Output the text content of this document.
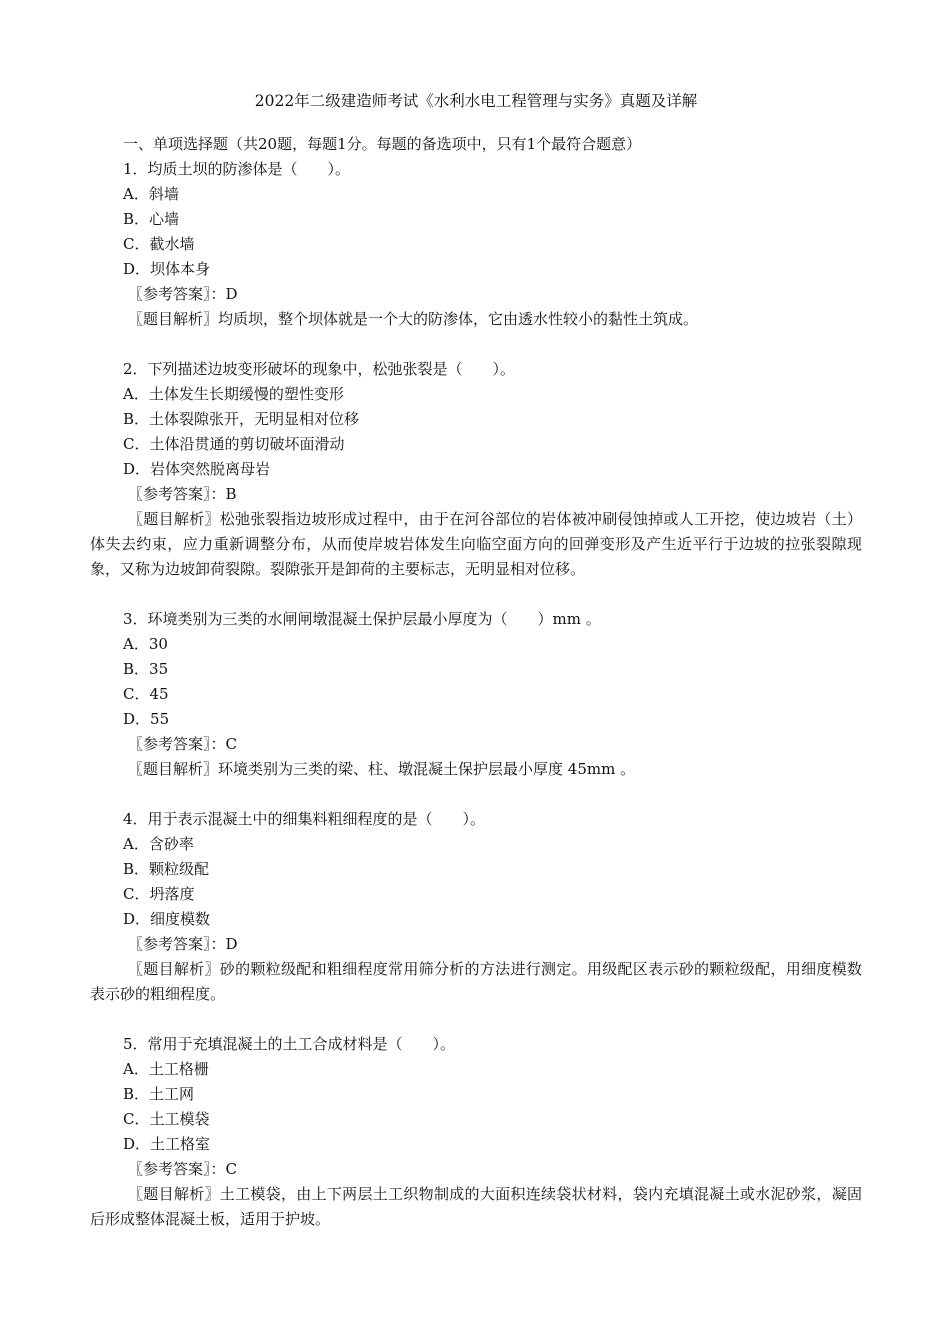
2022年二级建造师考试《水利水电工程管理与实务》真题及详解

一、单项选择题（共20题，每题1分。每题的备选项中，只有1个最符合题意）

1．均质土坝的防渗体是（　　）。

A．斜墙

B．心墙

C．截水墙

D．坝体本身

〖参考答案〗：D

〖题目解析〗均质坝，整个坝体就是一个大的防渗体，它由透水性较小的黏性土筑成。

2．下列描述边坡变形破坏的现象中，松弛张裂是（　　）。

A．土体发生长期缓慢的塑性变形

B．土体裂隙张开，无明显相对位移

C．土体沿贯通的剪切破坏面滑动

D．岩体突然脱离母岩

〖参考答案〗：B

〖题目解析〗松弛张裂指边坡形成过程中，由于在河谷部位的岩体被冲刷侵蚀掉或人工开挖，使边坡岩（土）体失去约束，应力重新调整分布，从而使岸坡岩体发生向临空面方向的回弹变形及产生近平行于边坡的拉张裂隙现象，又称为边坡卸荷裂隙。裂隙张开是卸荷的主要标志，无明显相对位移。

3．环境类别为三类的水闸闸墩混凝土保护层最小厚度为（　　）mm 。

A．30

B．35

C．45

D．55

〖参考答案〗：C

〖题目解析〗环境类别为三类的梁、柱、墩混凝土保护层最小厚度 45mm 。

4．用于表示混凝土中的细集料粗细程度的是（　　）。

A．含砂率

B．颗粒级配

C．坍落度

D．细度模数

〖参考答案〗：D

〖题目解析〗砂的颗粒级配和粗细程度常用筛分析的方法进行测定。用级配区表示砂的颗粒级配，用细度模数表示砂的粗细程度。

5．常用于充填混凝土的土工合成材料是（　　）。

A．土工格栅

B．土工网

C．土工模袋

D．土工格室

〖参考答案〗：C

〖题目解析〗土工模袋，由上下两层土工织物制成的大面积连续袋状材料，袋内充填混凝土或水泥砂浆，凝固后形成整体混凝土板，适用于护坡。
